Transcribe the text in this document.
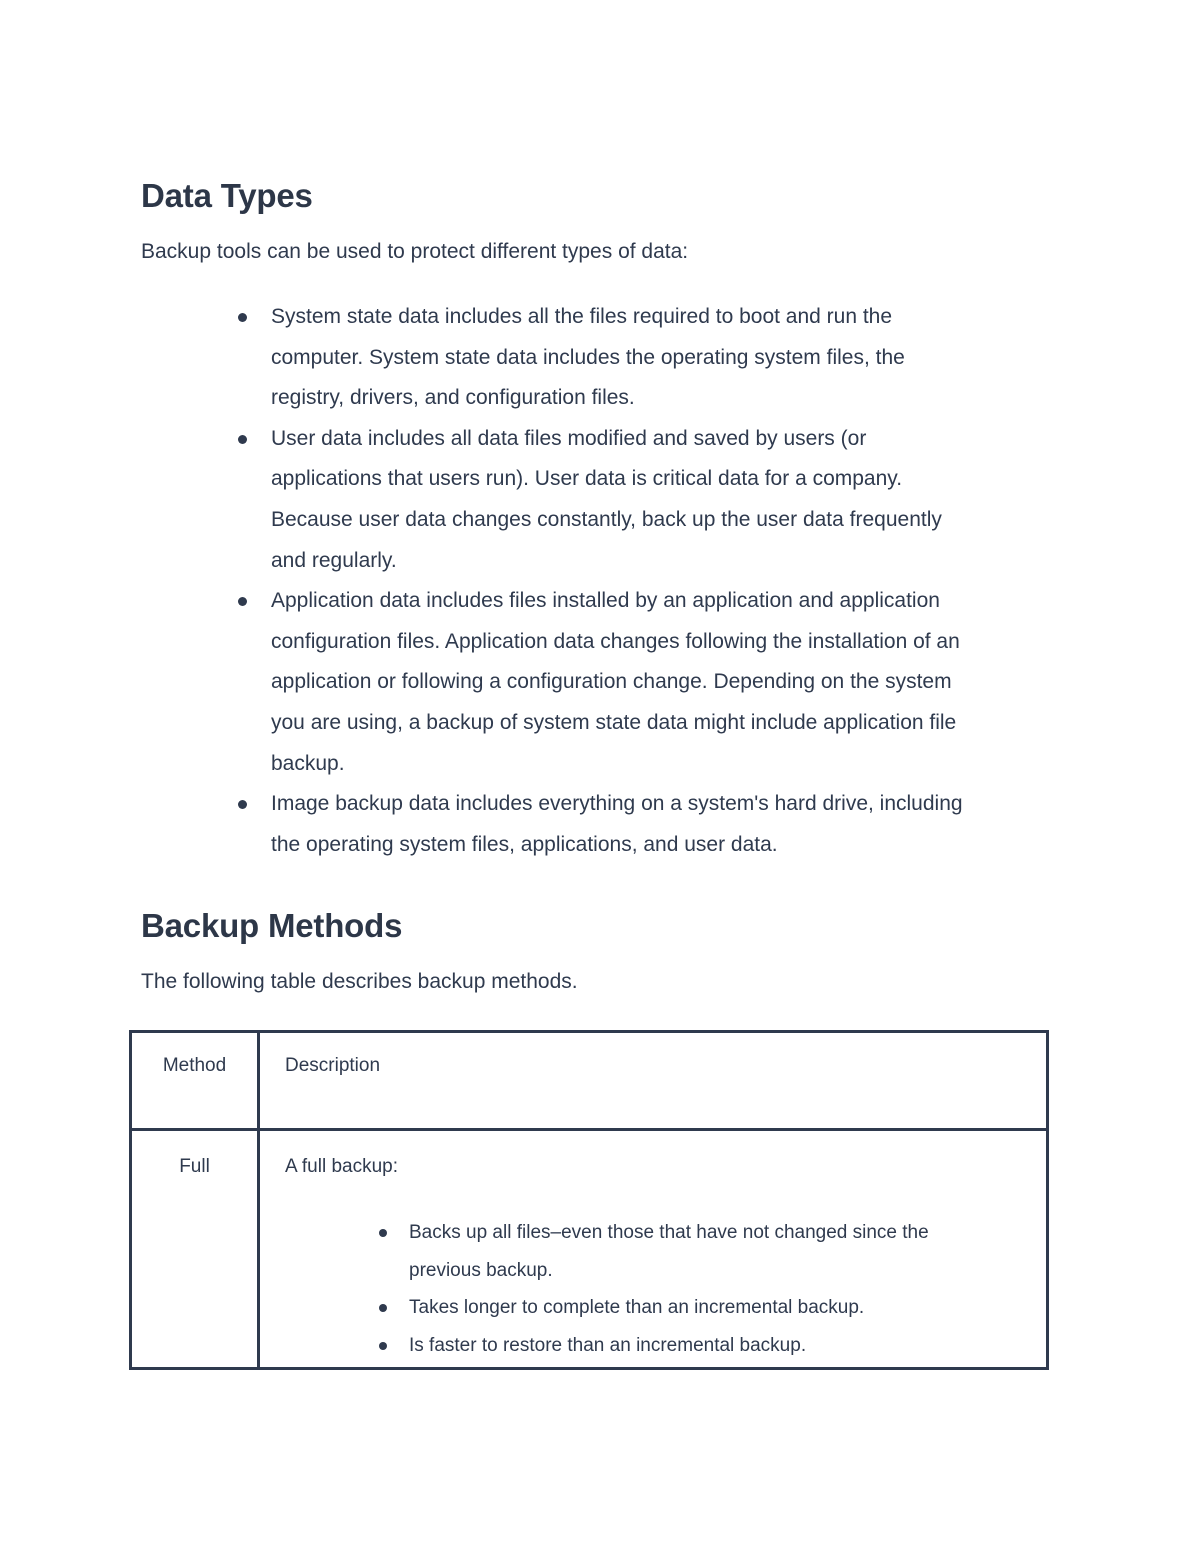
Data Types

Backup tools can be used to protect different types of data:

System state data includes all the files required to boot and run the
computer. System state data includes the operating system files, the
registry, drivers, and configuration files.
User data includes all data files modified and saved by users (or
applications that users run). User data is critical data for a company.
Because user data changes constantly, back up the user data frequently
and regularly.
Application data includes files installed by an application and application
configuration files. Application data changes following the installation of an
application or following a configuration change. Depending on the system
you are using, a backup of system state data might include application file
backup.
Image backup data includes everything on a system's hard drive, including
the operating system files, applications, and user data.
Backup Methods

The following table describes backup methods.

Method	Description
Full	A full backup:
Backs up all files–even those that have not changed since the
previous backup.
Takes longer to complete than an incremental backup.
Is faster to restore than an incremental backup.
